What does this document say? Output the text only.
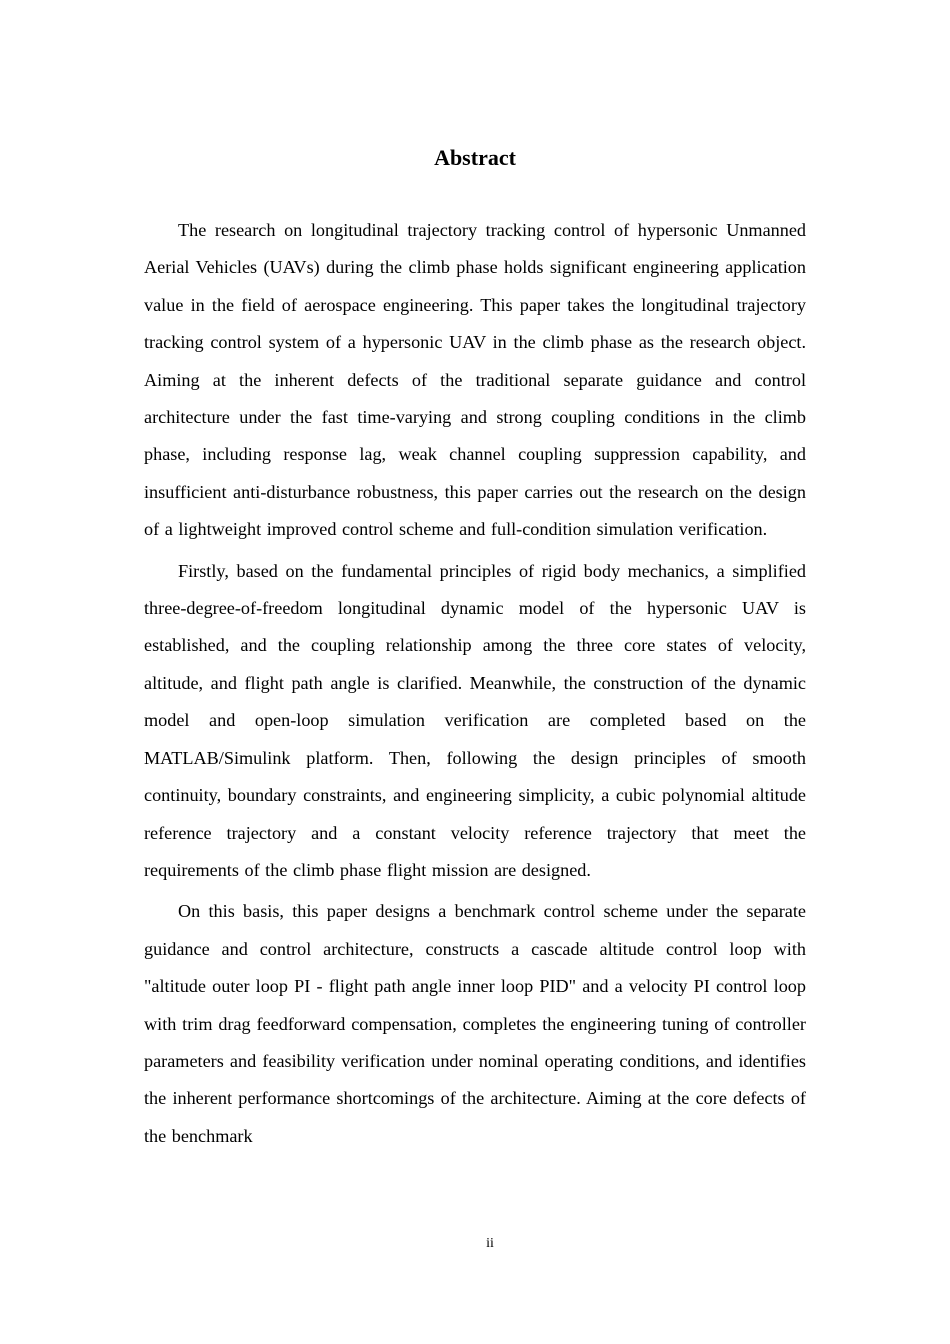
Abstract

The research on longitudinal trajectory tracking control of hypersonic Unmanned Aerial Vehicles (UAVs) during the climb phase holds significant engineering application value in the field of aerospace engineering. This paper takes the longitudinal trajectory tracking control system of a hypersonic UAV in the climb phase as the research object. Aiming at the inherent defects of the traditional separate guidance and control architecture under the fast time-varying and strong coupling conditions in the climb phase, including response lag, weak channel coupling suppression capability, and insufficient anti-disturbance robustness, this paper carries out the research on the design of a lightweight improved control scheme and full-condition simulation verification.

Firstly, based on the fundamental principles of rigid body mechanics, a simplified three-degree-of-freedom longitudinal dynamic model of the hypersonic UAV is established, and the coupling relationship among the three core states of velocity, altitude, and flight path angle is clarified. Meanwhile, the construction of the dynamic model and open-loop simulation verification are completed based on the MATLAB/Simulink platform. Then, following the design principles of smooth continuity, boundary constraints, and engineering simplicity, a cubic polynomial altitude reference trajectory and a constant velocity reference trajectory that meet the requirements of the climb phase flight mission are designed.

On this basis, this paper designs a benchmark control scheme under the separate guidance and control architecture, constructs a cascade altitude control loop with "altitude outer loop PI - flight path angle inner loop PID" and a velocity PI control loop with trim drag feedforward compensation, completes the engineering tuning of controller parameters and feasibility verification under nominal operating conditions, and identifies the inherent performance shortcomings of the architecture. Aiming at the core defects of the benchmark

ii
